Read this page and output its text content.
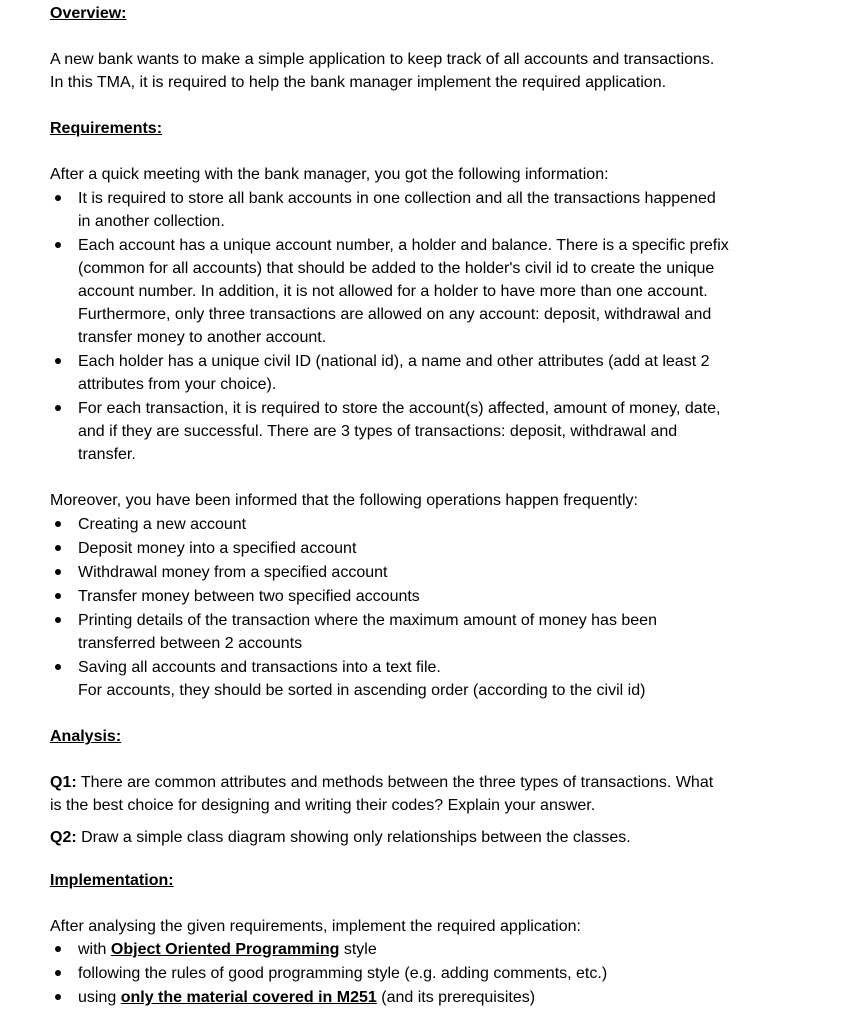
Overview:
A new bank wants to make a simple application to keep track of all accounts and transactions.
In this TMA, it is required to help the bank manager implement the required application.
Requirements:
After a quick meeting with the bank manager, you got the following information:
It is required to store all bank accounts in one collection and all the transactions happened
in another collection.
Each account has a unique account number, a holder and balance. There is a specific prefix
(common for all accounts) that should be added to the holder's civil id to create the unique
account number. In addition, it is not allowed for a holder to have more than one account.
Furthermore, only three transactions are allowed on any account: deposit, withdrawal and
transfer money to another account.
Each holder has a unique civil ID (national id), a name and other attributes (add at least 2
attributes from your choice).
For each transaction, it is required to store the account(s) affected, amount of money, date,
and if they are successful. There are 3 types of transactions: deposit, withdrawal and
transfer.
Moreover, you have been informed that the following operations happen frequently:
Creating a new account
Deposit money into a specified account
Withdrawal money from a specified account
Transfer money between two specified accounts
Printing details of the transaction where the maximum amount of money has been
transferred between 2 accounts
Saving all accounts and transactions into a text file.
For accounts, they should be sorted in ascending order (according to the civil id)
Analysis:
Q1: There are common attributes and methods between the three types of transactions. What
is the best choice for designing and writing their codes? Explain your answer.
Q2: Draw a simple class diagram showing only relationships between the classes.
Implementation:
After analysing the given requirements, implement the required application:
with Object Oriented Programming style
following the rules of good programming style (e.g. adding comments, etc.)
using only the material covered in M251 (and its prerequisites)
